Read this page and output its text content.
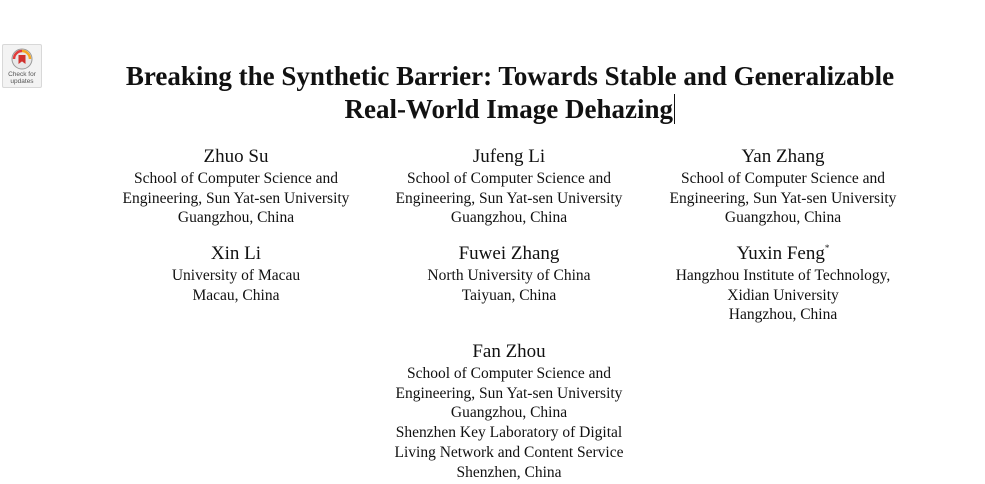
Check for
updates	Breaking the Synthetic Barrier: Towards Stable and Generalizable
Real-World Image Dehazing
Zhuo Su
School of Computer Science and
Engineering, Sun Yat-sen University
Guangzhou, China
Jufeng Li
School of Computer Science and
Engineering, Sun Yat-sen University
Guangzhou, China
Yan Zhang
School of Computer Science and
Engineering, Sun Yat-sen University
Guangzhou, China
Xin Li
University of Macau
Macau, China
Fuwei Zhang
North University of China
Taiyuan, China
Yuxin Feng*
Hangzhou Institute of Technology,
Xidian University
Hangzhou, China
Fan Zhou
School of Computer Science and
Engineering, Sun Yat-sen University
Guangzhou, China
Shenzhen Key Laboratory of Digital
Living Network and Content Service
Shenzhen, China
